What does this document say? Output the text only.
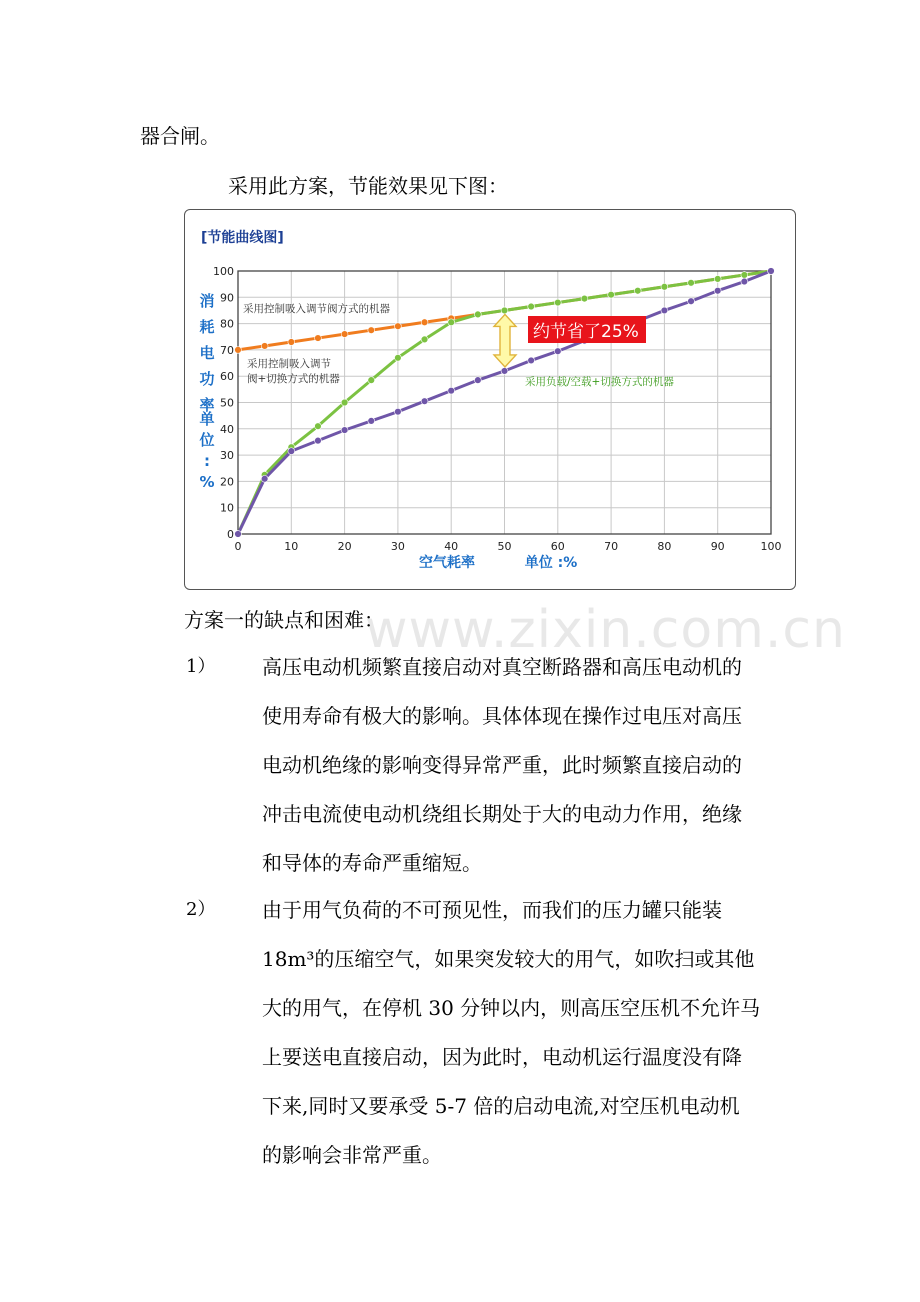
器合闸。
采用此方案，节能效果见下图：
[节能曲线图]
0	10	20	30	40	50	60	70	80	90	100
0
10
20
30
40
50
60
70
80
90
100
空气耗率	单位 :%
消
耗
电
功
率
单
位
:
%
采用控制吸入调节阀方式的机器
采用控制吸入调节
阀+切换方式的机器	采用负载/空载+切换方式的机器
约节省了25%
www.zixin.com.cn
方案一的缺点和困难：
1） 高压电动机频繁直接启动对真空断路器和高压电动机的
使用寿命有极大的影响。具体体现在操作过电压对高压
电动机绝缘的影响变得异常严重，此时频繁直接启动的
冲击电流使电动机绕组长期处于大的电动力作用，绝缘
和导体的寿命严重缩短。
2） 由于用气负荷的不可预见性，而我们的压力罐只能装
18m³的压缩空气，如果突发较大的用气，如吹扫或其他
大的用气，在停机 30 分钟以内，则高压空压机不允许马
上要送电直接启动，因为此时，电动机运行温度没有降
下来,同时又要承受 5-7 倍的启动电流,对空压机电动机
的影响会非常严重。
